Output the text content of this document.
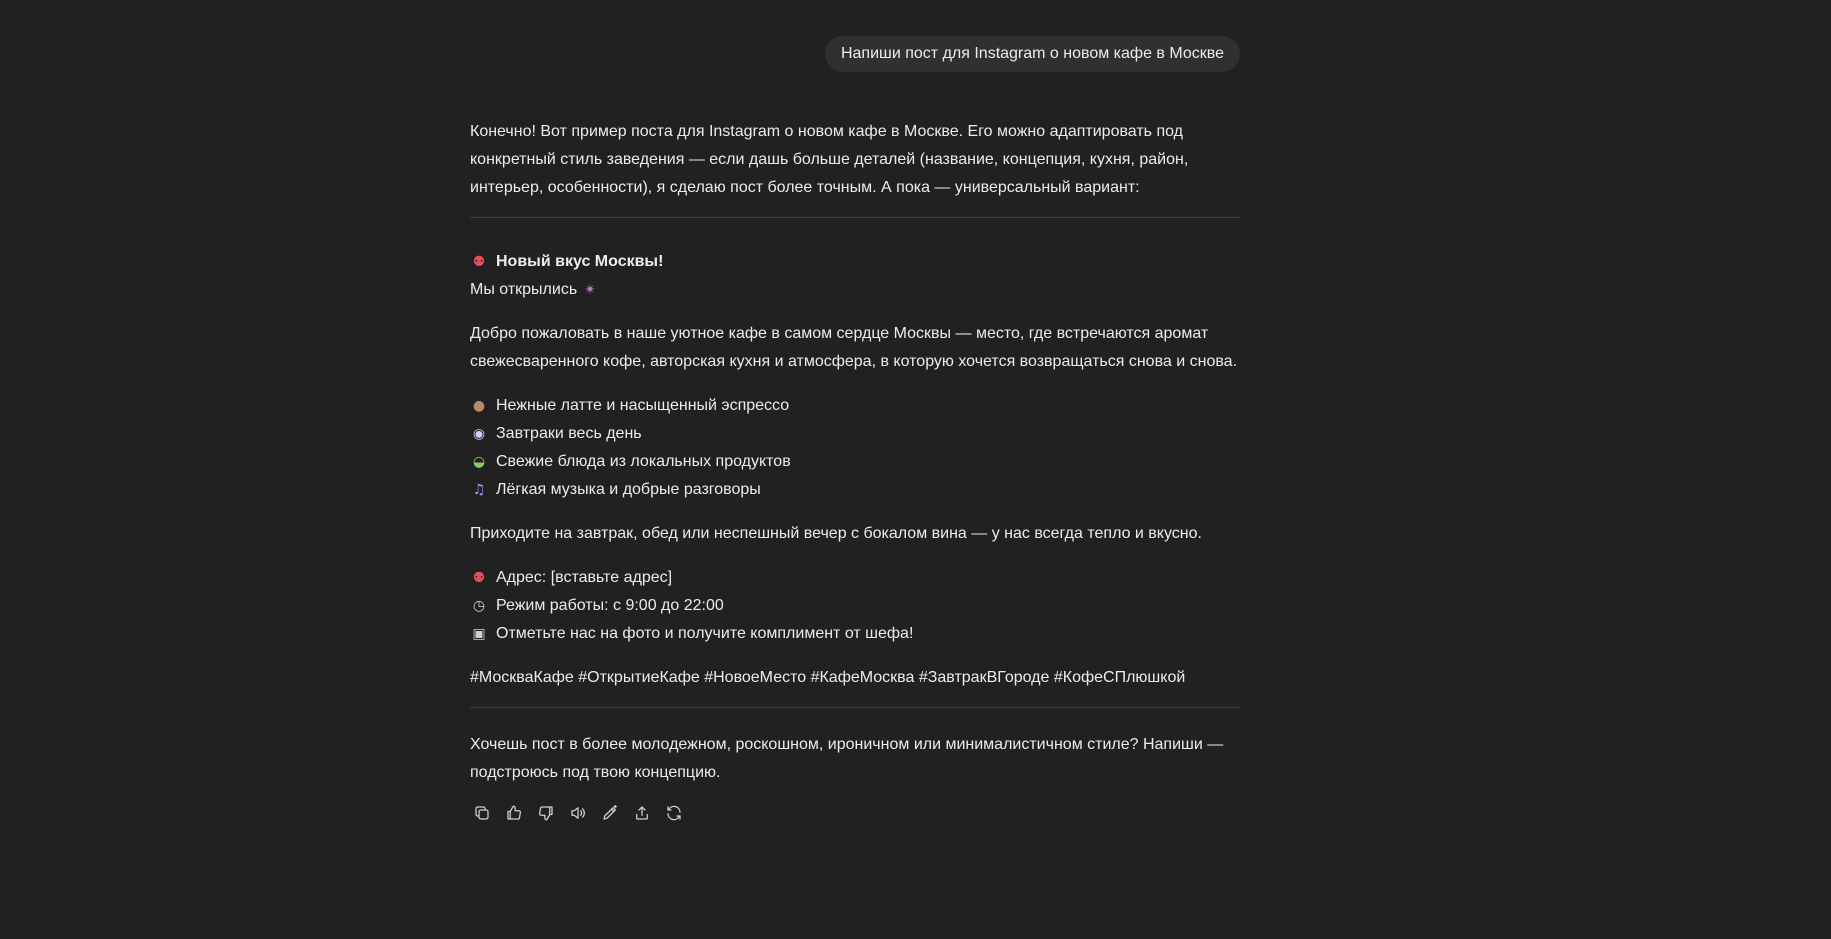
Напиши пост для Instagram о новом кафе в Москве

Конечно! Вот пример поста для Instagram о новом кафе в Москве. Его можно адаптировать под

конкретный стиль заведения — если дашь больше деталей (название, концепция, кухня, район,

интерьер, особенности), я сделаю пост более точным. А пока — универсальный вариант:

⚉ Новый вкус Москвы!
Мы открылись ✴

Добро пожаловать в наше уютное кафе в самом сердце Москвы — место, где встречаются аромат

свежесваренного кофе, авторская кухня и атмосфера, в которую хочется возвращаться снова и снова.

● Нежные латте и насыщенный эспрессо
◉ Завтраки весь день
◒ Свежие блюда из локальных продуктов
♫ Лёгкая музыка и добрые разговоры

Приходите на завтрак, обед или неспешный вечер с бокалом вина — у нас всегда тепло и вкусно.

⚉ Адрес: [вставьте адрес]
◷ Режим работы: с 9:00 до 22:00
▣ Отметьте нас на фото и получите комплимент от шефа!

#МоскваКафе #ОткрытиеКафе #НовоеМесто #КафеМосква #ЗавтракВГороде #КофеСПлюшкой

Хочешь пост в более молодежном, роскошном, ироничном или минималистичном стиле? Напиши —

подстроюсь под твою концепцию.
